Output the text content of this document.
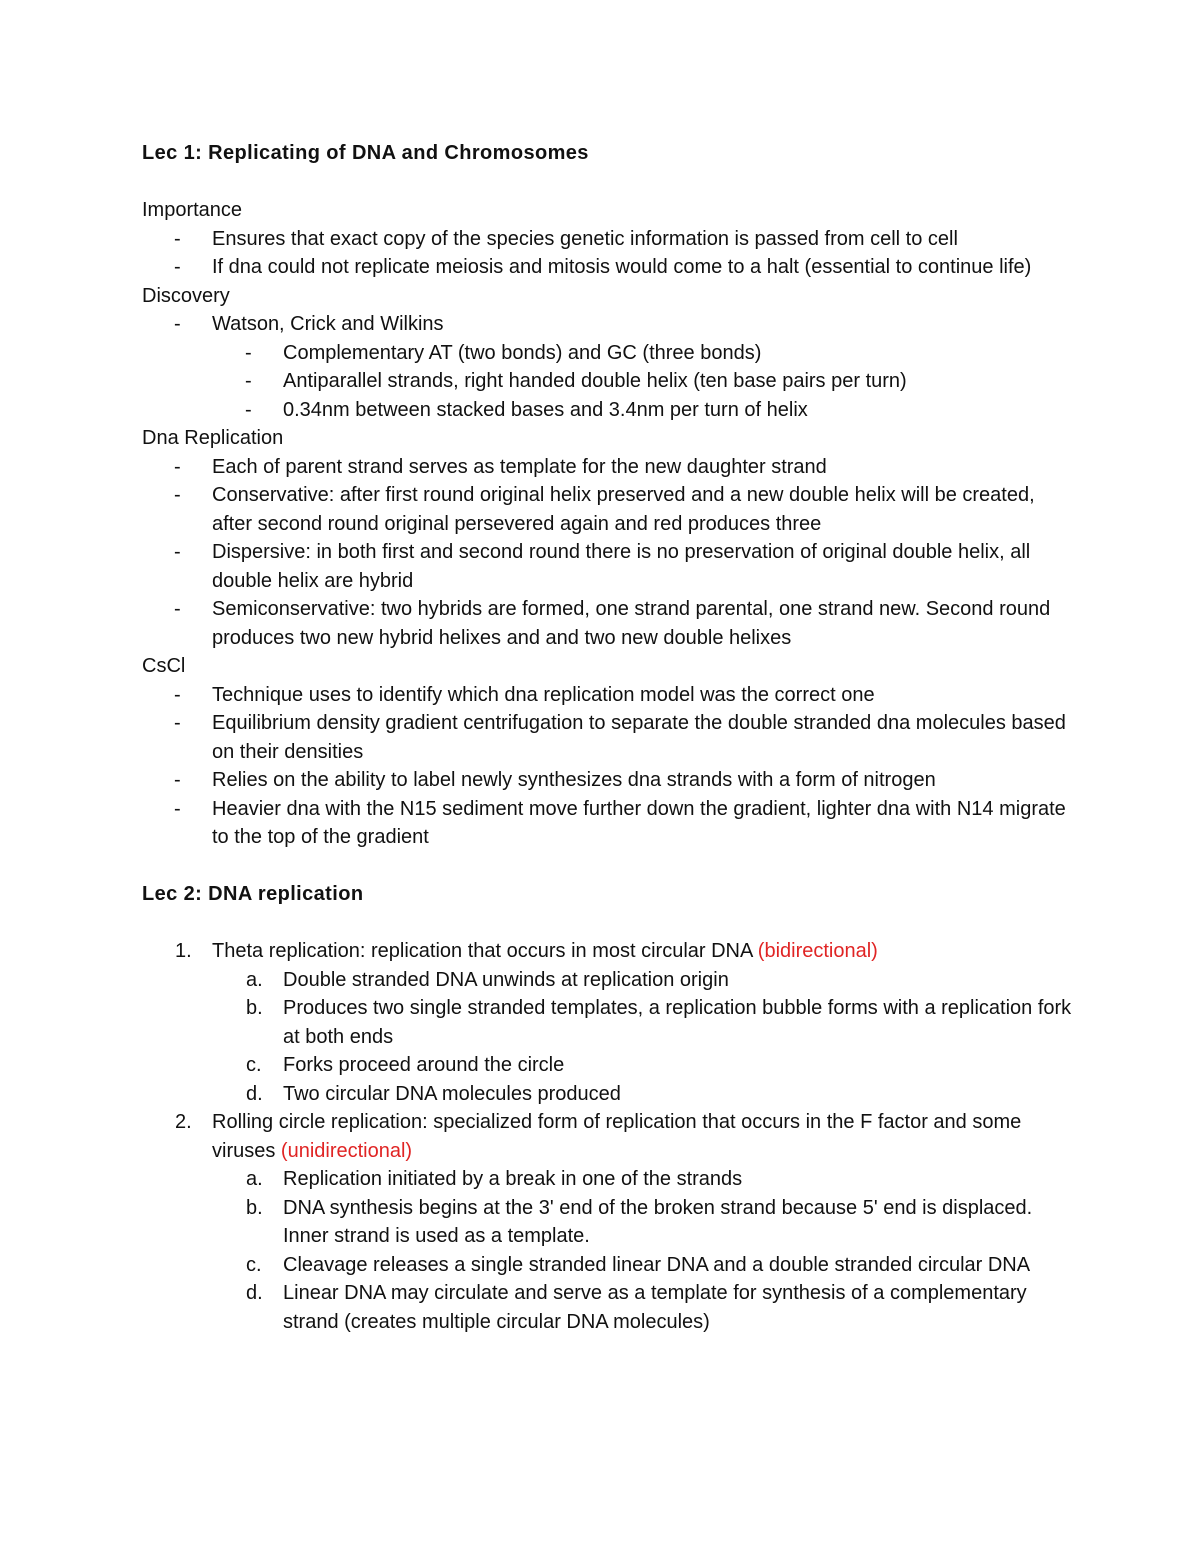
Lec 1: Replicating of DNA and Chromosomes
Importance
- Ensures that exact copy of the species genetic information is passed from cell to cell
- If dna could not replicate meiosis and mitosis would come to a halt (essential to continue life)
Discovery
- Watson, Crick and Wilkins
- Complementary AT (two bonds) and GC (three bonds)
- Antiparallel strands, right handed double helix (ten base pairs per turn)
- 0.34nm between stacked bases and 3.4nm per turn of helix
Dna Replication
- Each of parent strand serves as template for the new daughter strand
- Conservative: after first round original helix preserved and a new double helix will be created, after second round original persevered again and red produces three
- Dispersive: in both first and second round there is no preservation of original double helix, all double helix are hybrid
- Semiconservative: two hybrids are formed, one strand parental, one strand new. Second round produces two new hybrid helixes and and two new double helixes
CsCl
- Technique uses to identify which dna replication model was the correct one
- Equilibrium density gradient centrifugation to separate the double stranded dna molecules based on their densities
- Relies on the ability to label newly synthesizes dna strands with a form of nitrogen
- Heavier dna with the N15 sediment move further down the gradient, lighter dna with N14 migrate to the top of the gradient
Lec 2: DNA replication
1. Theta replication: replication that occurs in most circular DNA (bidirectional)
a. Double stranded DNA unwinds at replication origin
b. Produces two single stranded templates, a replication bubble forms with a replication fork at both ends
c. Forks proceed around the circle
d. Two circular DNA molecules produced
2. Rolling circle replication: specialized form of replication that occurs in the F factor and some viruses (unidirectional)
a. Replication initiated by a break in one of the strands
b. DNA synthesis begins at the 3' end of the broken strand because 5' end is displaced. Inner strand is used as a template.
c. Cleavage releases a single stranded linear DNA and a double stranded circular DNA
d. Linear DNA may circulate and serve as a template for synthesis of a complementary strand (creates multiple circular DNA molecules)
